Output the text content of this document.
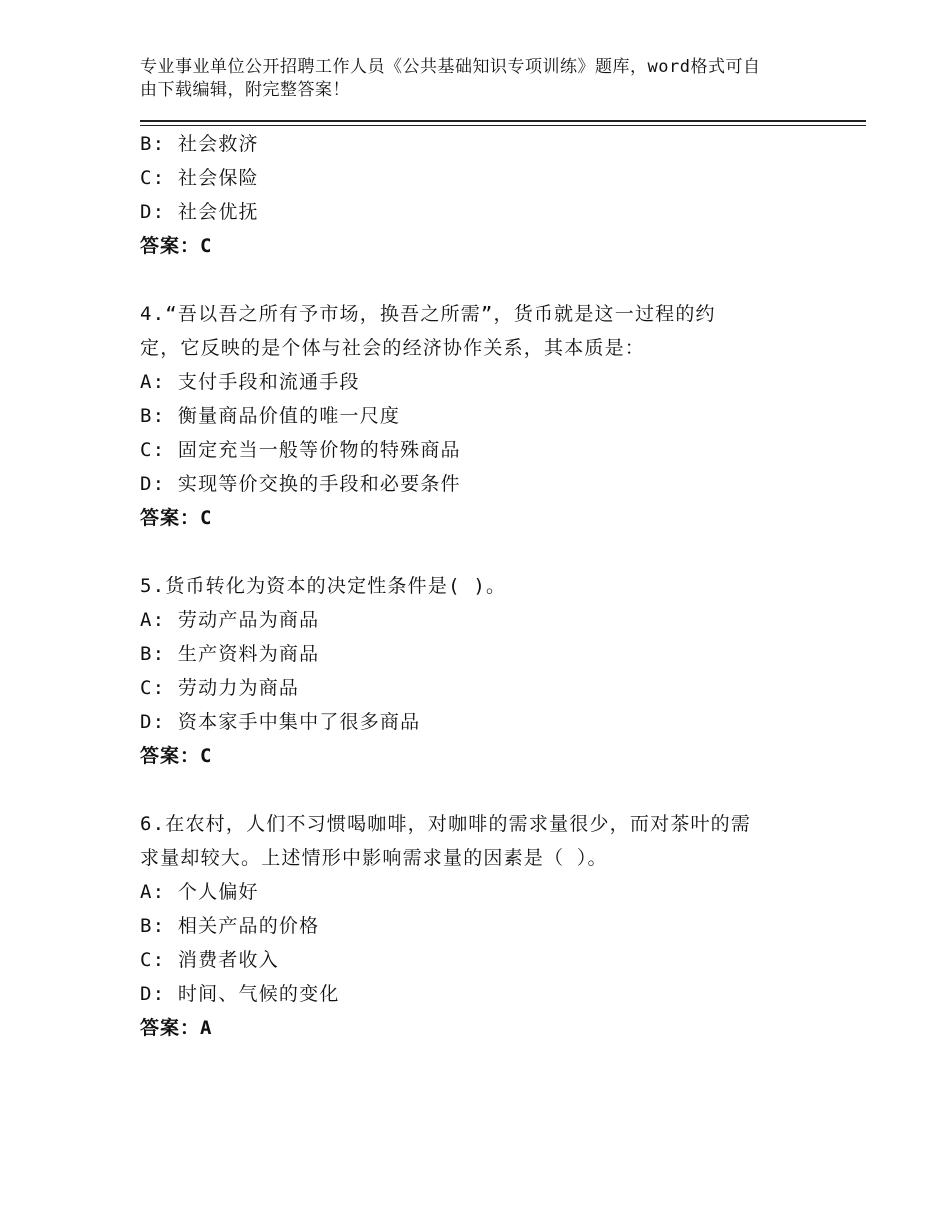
专业事业单位公开招聘工作人员《公共基础知识专项训练》题库，word格式可自
由下载编辑，附完整答案！
B: 社会救济
C: 社会保险
D: 社会优抚
答案：C
4.“吾以吾之所有予市场，换吾之所需”，货币就是这一过程的约
定，它反映的是个体与社会的经济协作关系，其本质是：
A: 支付手段和流通手段
B: 衡量商品价值的唯一尺度
C: 固定充当一般等价物的特殊商品
D: 实现等价交换的手段和必要条件
答案：C
5.货币转化为资本的决定性条件是( )。
A: 劳动产品为商品
B: 生产资料为商品
C: 劳动力为商品
D: 资本家手中集中了很多商品
答案：C
6.在农村，人们不习惯喝咖啡，对咖啡的需求量很少，而对茶叶的需
求量却较大。上述情形中影响需求量的因素是（ ）。
A: 个人偏好
B: 相关产品的价格
C: 消费者收入
D: 时间、气候的变化
答案：A
